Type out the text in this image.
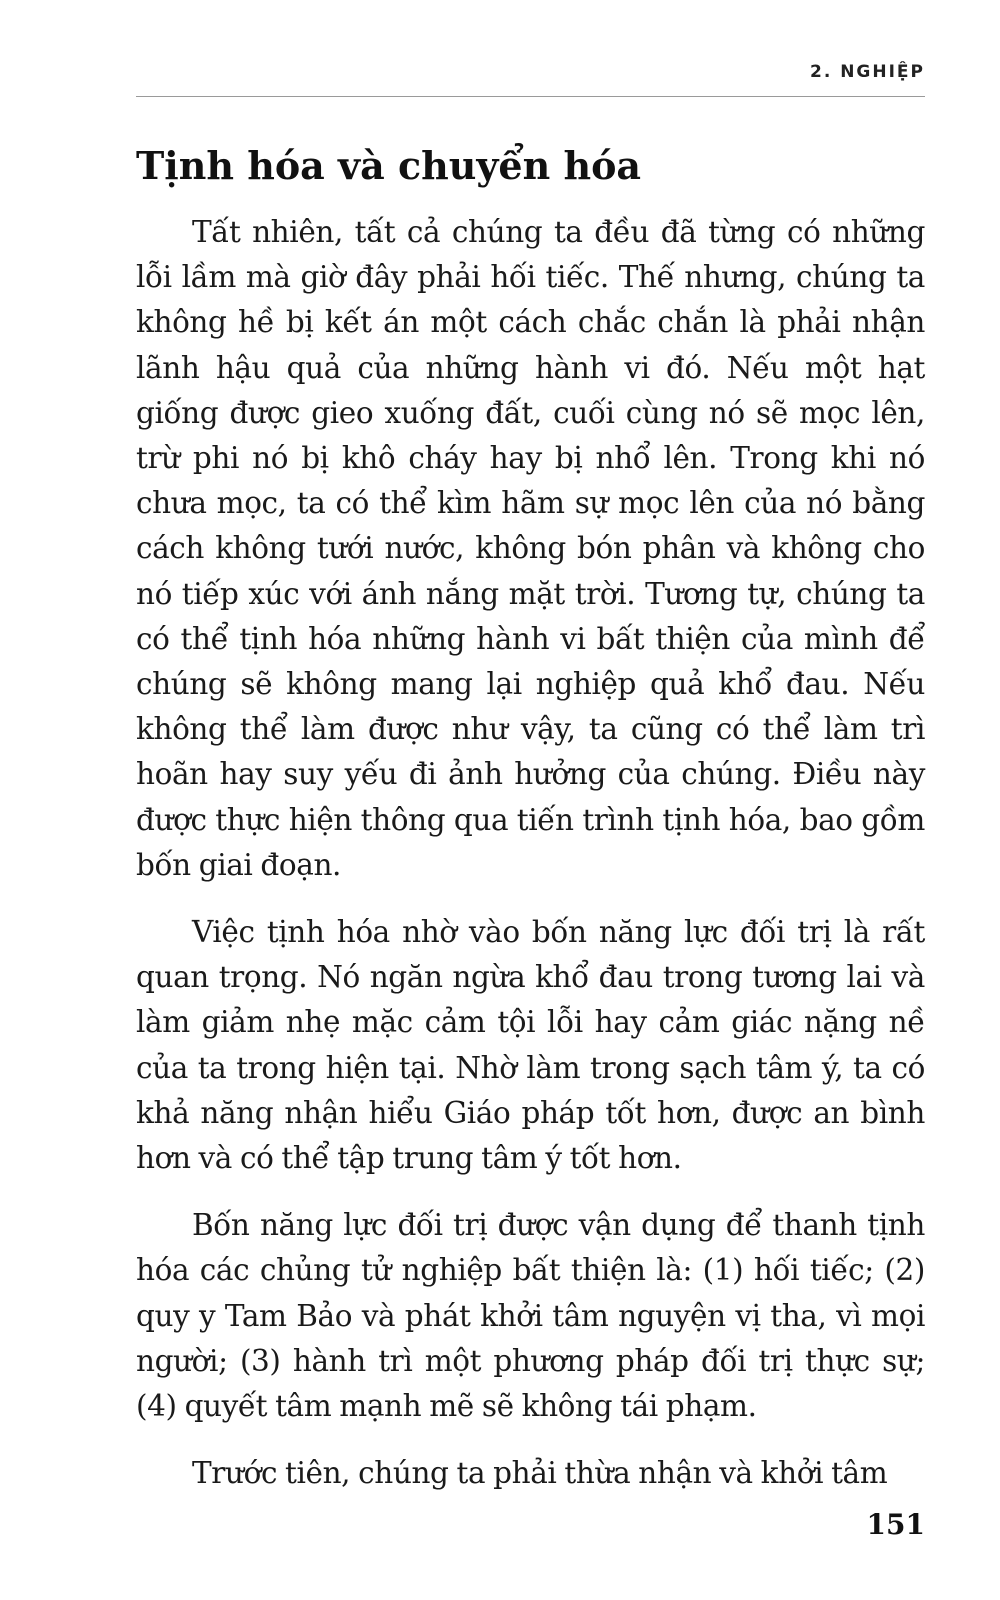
2. NGHIỆP
Tịnh hóa và chuyển hóa

Tất nhiên, tất cả chúng ta đều đã từng có những lỗi lầm mà giờ đây phải hối tiếc. Thế nhưng, chúng ta không hề bị kết án một cách chắc chắn là phải nhận lãnh hậu quả của những hành vi đó. Nếu một hạt giống được gieo xuống đất, cuối cùng nó sẽ mọc lên, trừ phi nó bị khô cháy hay bị nhổ lên. Trong khi nó chưa mọc, ta có thể kìm hãm sự mọc lên của nó bằng cách không tưới nước, không bón phân và không cho nó tiếp xúc với ánh nắng mặt trời. Tương tự, chúng ta có thể tịnh hóa những hành vi bất thiện của mình để chúng sẽ không mang lại nghiệp quả khổ đau. Nếu không thể làm được như vậy, ta cũng có thể làm trì hoãn hay suy yếu đi ảnh hưởng của chúng. Điều này được thực hiện thông qua tiến trình tịnh hóa, bao gồm bốn giai đoạn.

Việc tịnh hóa nhờ vào bốn năng lực đối trị là rất quan trọng. Nó ngăn ngừa khổ đau trong tương lai và làm giảm nhẹ mặc cảm tội lỗi hay cảm giác nặng nề của ta trong hiện tại. Nhờ làm trong sạch tâm ý, ta có khả năng nhận hiểu Giáo pháp tốt hơn, được an bình hơn và có thể tập trung tâm ý tốt hơn.

Bốn năng lực đối trị được vận dụng để thanh tịnh hóa các chủng tử nghiệp bất thiện là: (1) hối tiếc; (2) quy y Tam Bảo và phát khởi tâm nguyện vị tha, vì mọi người; (3) hành trì một phương pháp đối trị thực sự; (4) quyết tâm mạnh mẽ sẽ không tái phạm.

Trước tiên, chúng ta phải thừa nhận và khởi tâm

151
